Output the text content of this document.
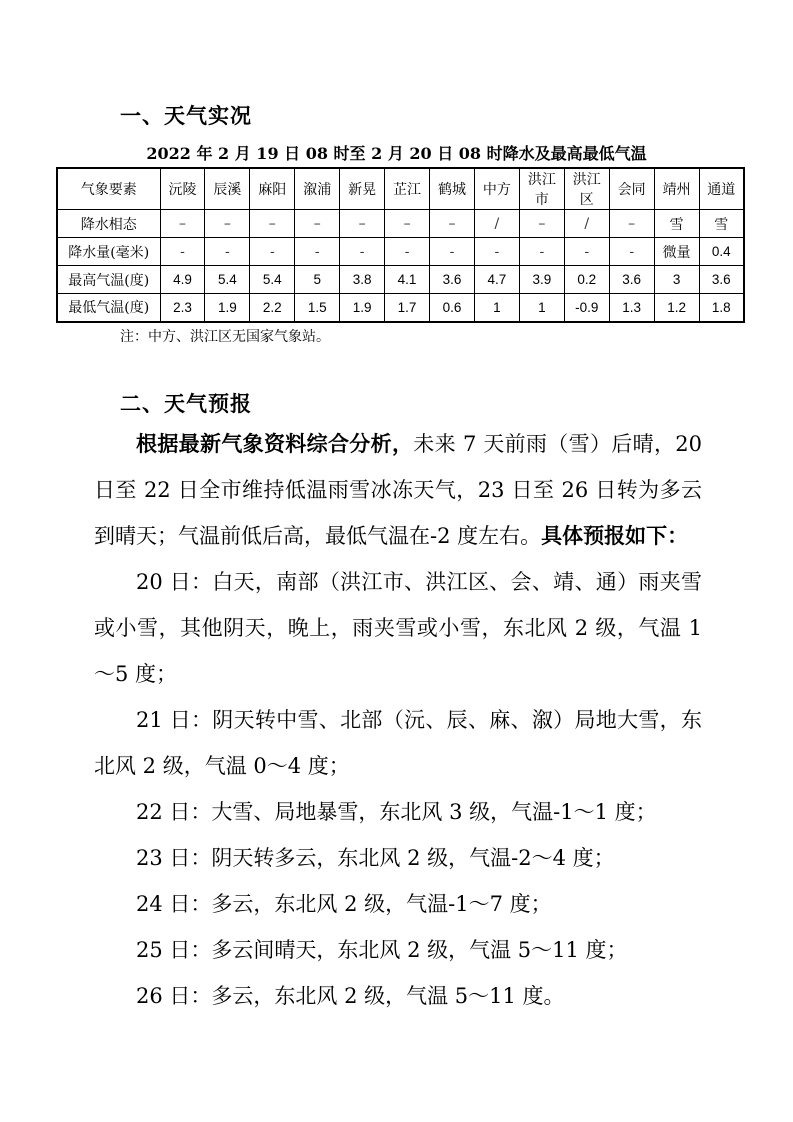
一、天气实况
2022 年 2 月 19 日 08 时至 2 月 20 日 08 时降水及最高最低气温
气象要素	沅陵	辰溪	麻阳	溆浦	新晃	芷江	鹤城	中方	洪江市	洪江区	会同	靖州	通道
降水相态	–	–	–	–	–	–	–	/	–	/	–	雪	雪
降水量(毫米)	-	-	-	-	-	-	-	-	-	-	-	微量	0.4
最高气温(度)	4.9	5.4	5.4	5	3.8	4.1	3.6	4.7	3.9	0.2	3.6	3	3.6
最低气温(度)	2.3	1.9	2.2	1.5	1.9	1.7	0.6	1	1	-0.9	1.3	1.2	1.8
注：中方、洪江区无国家气象站。
二、天气预报

根据最新气象资料综合分析，未来 7 天前雨（雪）后晴，20 日至 22 日全市维持低温雨雪冰冻天气，23 日至 26 日转为多云到晴天；气温前低后高，最低气温在-2 度左右。具体预报如下：

20 日：白天，南部（洪江市、洪江区、会、靖、通）雨夹雪或小雪，其他阴天，晚上，雨夹雪或小雪，东北风 2 级，气温 1～5 度；

21 日：阴天转中雪、北部（沅、辰、麻、溆）局地大雪，东北风 2 级，气温 0～4 度；

22 日：大雪、局地暴雪，东北风 3 级，气温-1～1 度；

23 日：阴天转多云，东北风 2 级，气温-2～4 度；

24 日：多云，东北风 2 级，气温-1～7 度；

25 日：多云间晴天，东北风 2 级，气温 5～11 度；

26 日：多云，东北风 2 级，气温 5～11 度。
